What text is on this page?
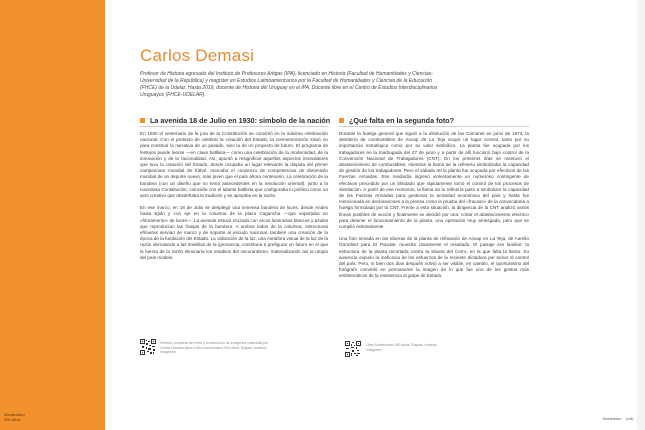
Montevideo
300 años
Carlos Demasi
Profesor de Historia egresado del Instituto de Profesores Artigas (IPA), licenciado en Historia (Facultad de Humanidades y Ciencias-Universidad de la República) y magíster en Estudios Latinoamericanos por la Facultad de Humanidades y Ciencias de la Educación (FHCE) de la Udelar. Hasta 2019, docente de Historia del Uruguay en el IPA. Docente libre en el Centro de Estudios Interdisciplinarios Uruguayos (FHCE-UDELAR).
La avenida 18 de Julio en 1930: símbolo de la nación

En 1930 el centenario de la jura de la Constitución se convirtió en la máxima celebración nacional. Con el pretexto de celebrar la creación del Estado, la conmemoración sirvió no para construir la narrativa de un pasado, sino la de un proyecto de futuro. El programa de festejos puede leerse —en clave batllista— como una celebración de la modernidad, de la innovación y de la racionalidad. Así, apuntó a resignificar aquellos aspectos innovadores que tuvo la creación del Estado, donde ocupaba un lugar relevante la disputa del primer campeonato mundial de fútbol: marcaba el comienzo de competencias de dimensión mundial de un deporte nuevo, más joven que el país ahora centenario. La celebración de la bandera (con un diseño que no tenía antecedentes en la revolución oriental), junto a la novedosa Constitución, coincidía con el talante batllista que configuraba lo político como un acto creativo que desdeñaba la tradición y se apoyaba en la razón.

En ese marco, en 18 de Julio se desplegó una inmensa bandera de luces, desde Andes hasta Ejido y con eje en la columna de la plaza Cagancha —que soportaba un «firmamento» de luces—. La avenida estuvo cruzada con arcos luminosos blancos y azules que reproducían las franjas de la bandera. A ambos lados de la columna, estructuras efímeras servían de marco y de soporte al escudo nacional, también una creación de la época de la fundación del Estado. La utilización de la luz, una metáfora visual de la luz de la razón derrotando a las tinieblas de la ignorancia, contribuía a prefigurar un futuro en el que la fuerza de la razón eliminaría los resabios del oscurantismo, materializando así la utopía del país modelo.

¿Qué falta en la segunda foto?

Durante la huelga general que siguió a la disolución de las Cámaras en junio de 1973, la destilería de combustibles de Ancap de La Teja ocupó un lugar central, tanto por su importancia estratégica como por su valor simbólico. La planta fue ocupada por los trabajadores en la madrugada del 27 de junio y a partir de allí funcionó bajo control de la Convención Nacional de Trabajadores (CNT). En los primeros días se mantuvo el abastecimiento de combustibles, mientras la llama de la refinería simbolizaba la capacidad de gestión de los trabajadores. Pero el sábado 30 la planta fue ocupada por efectivos de las Fuerzas Armadas. Ese mediodía ingresó violentamente un numeroso contingente de efectivos precedido por un blindado que rápidamente tomó el control de los procesos de destilación. A partir de ese momento, la llama de la refinería pasó a simbolizar la capacidad de las Fuerzas Armadas para gestionar la actividad económica del país y hasta fue mencionada en declaraciones a la prensa como la prueba del «fracaso» de la convocatoria a huelga formulada por la CNT. Frente a esta situación, la dirigencia de la CNT analizó varias líneas posibles de acción y finalmente se decidió por una: cortar el abastecimiento eléctrico para detener el funcionamiento de la planta, una operación muy arriesgada, pero que se cumplió exitosamente.

Una foto tomada en las afueras de la planta de refinación de Ancap en La Teja, de Aurelio González para El Popular, muestra claramente el resultado. El paisaje era familiar: la estructura de la planta recortada contra la silueta del Cerro, en la que falta la llama. Su ausencia expuso la ineficacia de los esfuerzos de la reciente dictadura por tomar el control del país. Pero, si bien dos días después volvió a ser visible, en cambio, el oportunismo del fotógrafo convirtió en permanente la imagen de lo que fue uno de los gestos más emblemáticos de la resistencia al golpe de Estado.

Versión completa del texto y la selección de imágenes realizada por Carlos Demasi para el libro Montevideo 300 años. Etapas, rumbos, imágenes
Libro Montevideo 300 años. Etapas, rumbos, imágenes
Montevideo |cdf|
